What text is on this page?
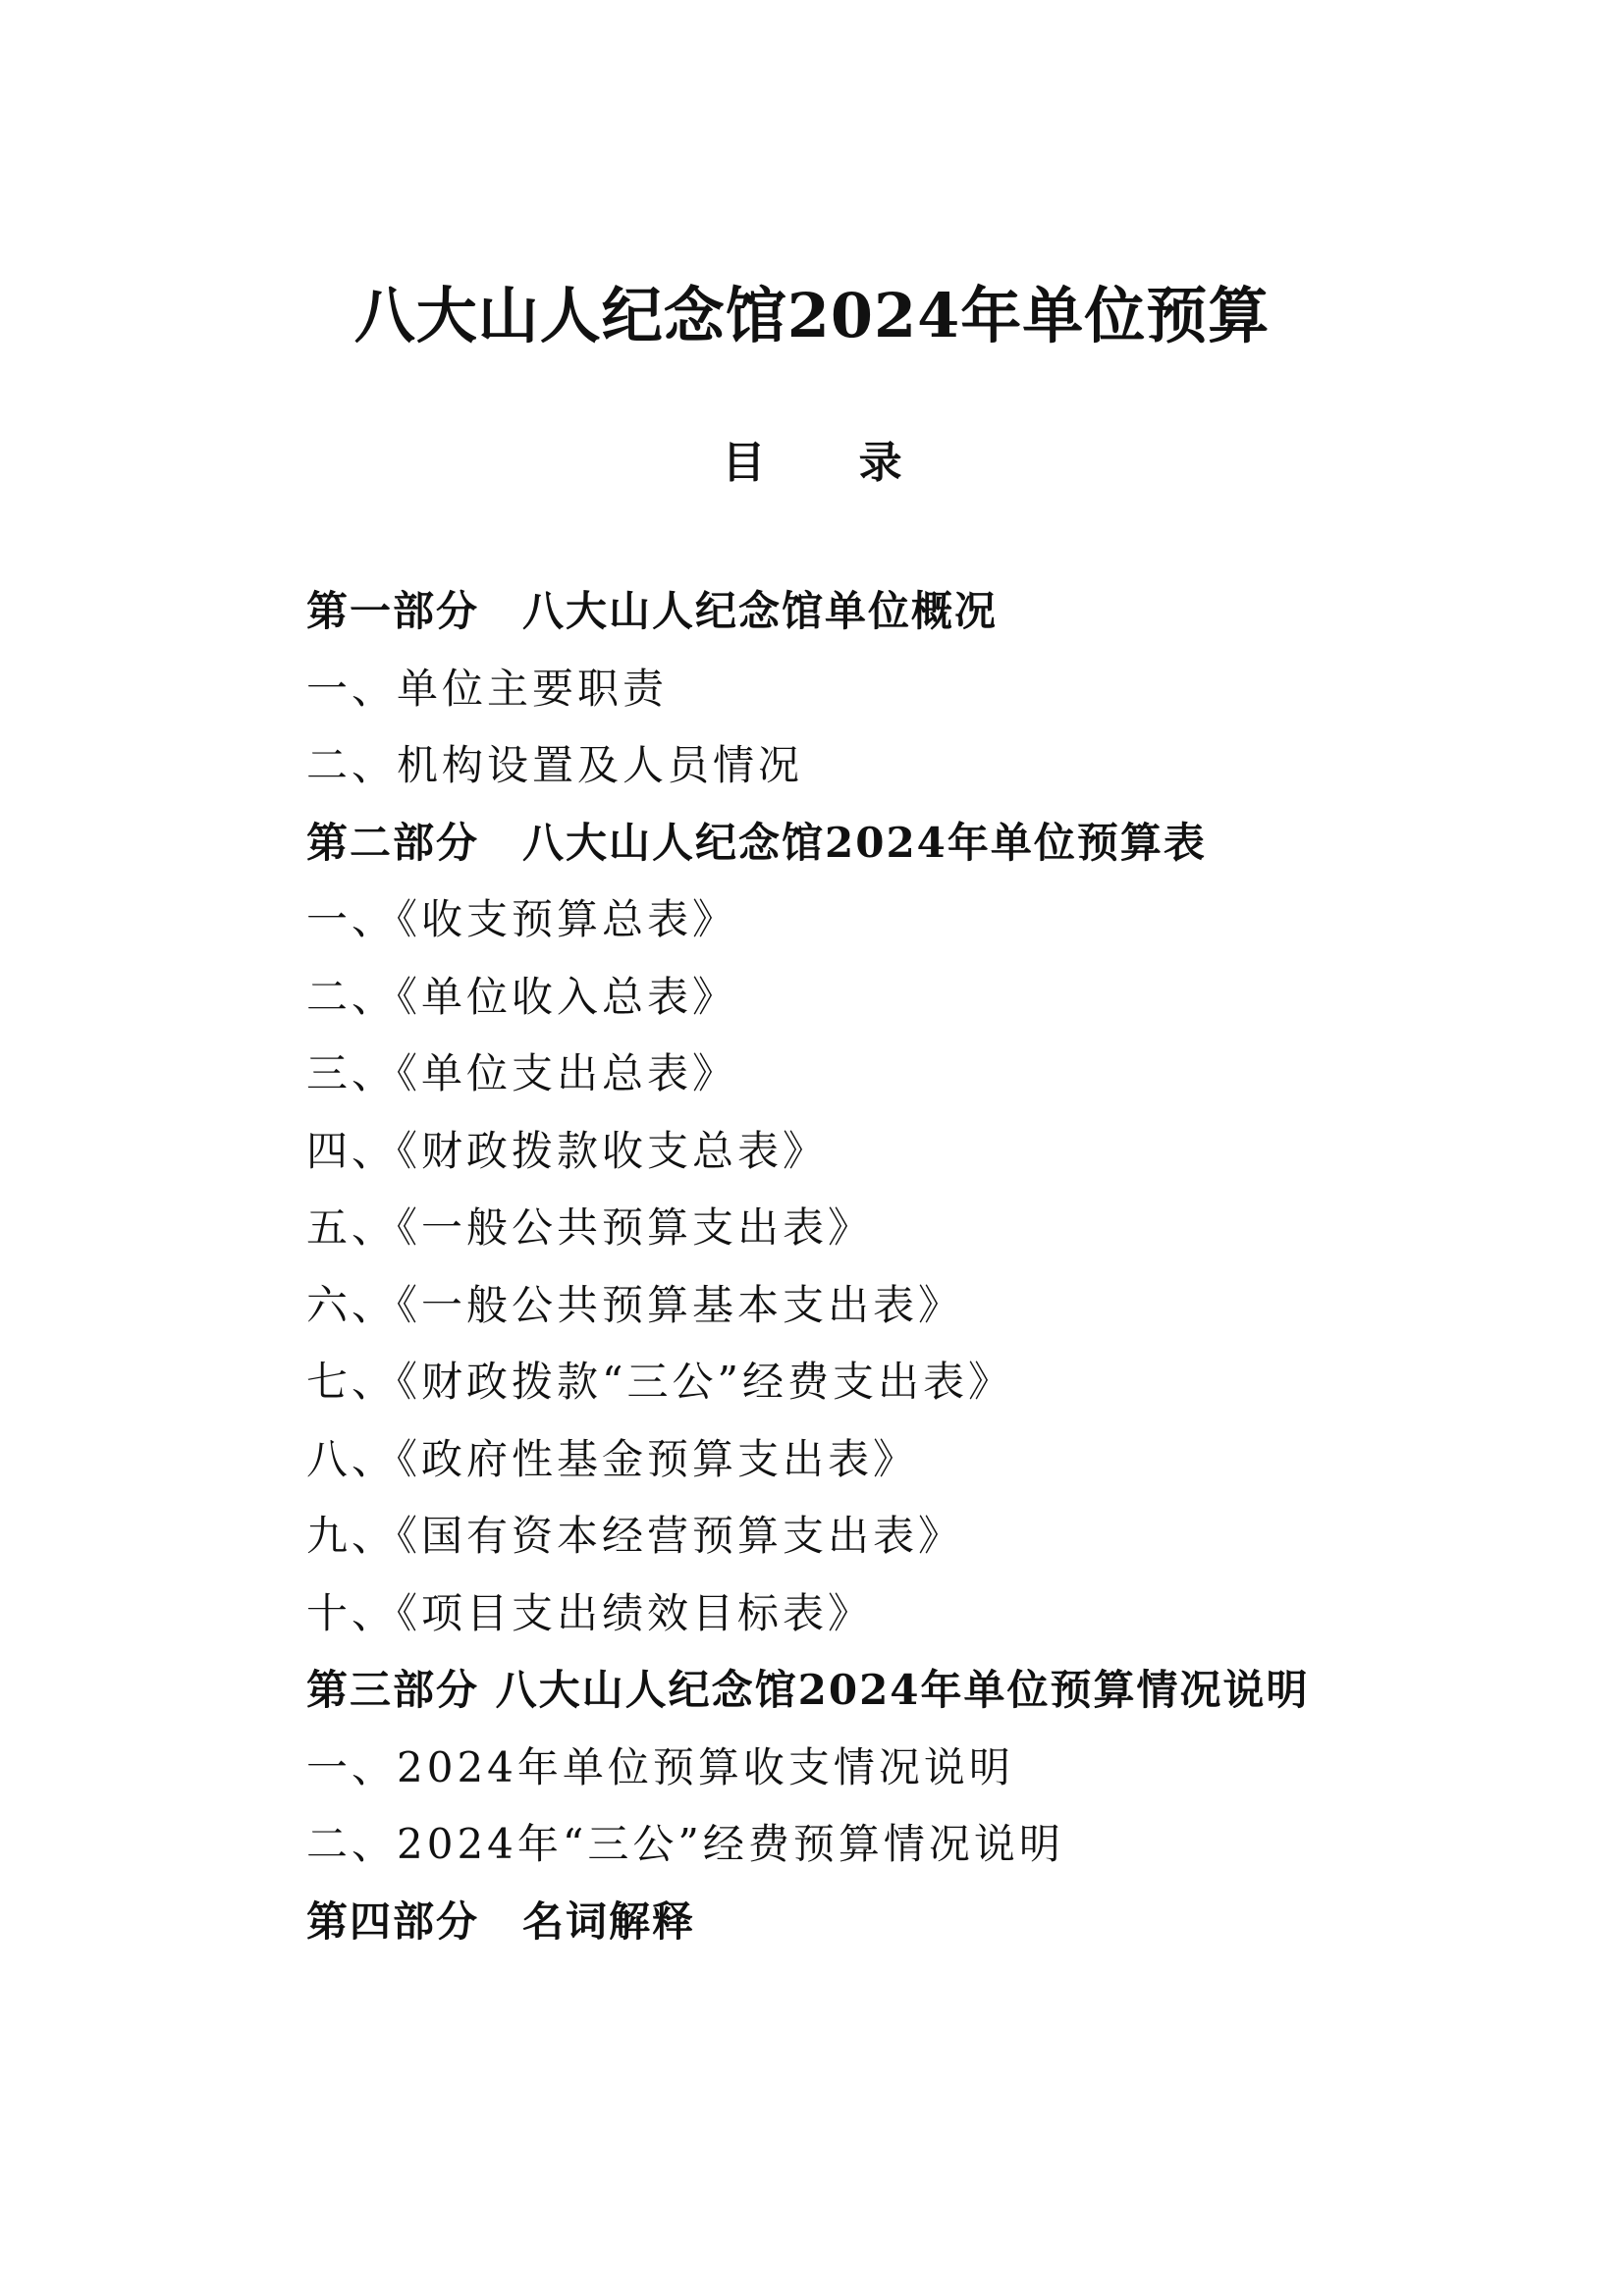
八大山人纪念馆2024年单位预算
目 录
第一部分　八大山人纪念馆单位概况
一、单位主要职责
二、机构设置及人员情况
第二部分　八大山人纪念馆2024年单位预算表
一、《收支预算总表》
二、《单位收入总表》
三、《单位支出总表》
四、《财政拨款收支总表》
五、《一般公共预算支出表》
六、《一般公共预算基本支出表》
七、《财政拨款“三公”经费支出表》
八、《政府性基金预算支出表》
九、《国有资本经营预算支出表》
十、《项目支出绩效目标表》
第三部分 八大山人纪念馆2024年单位预算情况说明
一、2024年单位预算收支情况说明
二、2024年“三公”经费预算情况说明
第四部分　名词解释
